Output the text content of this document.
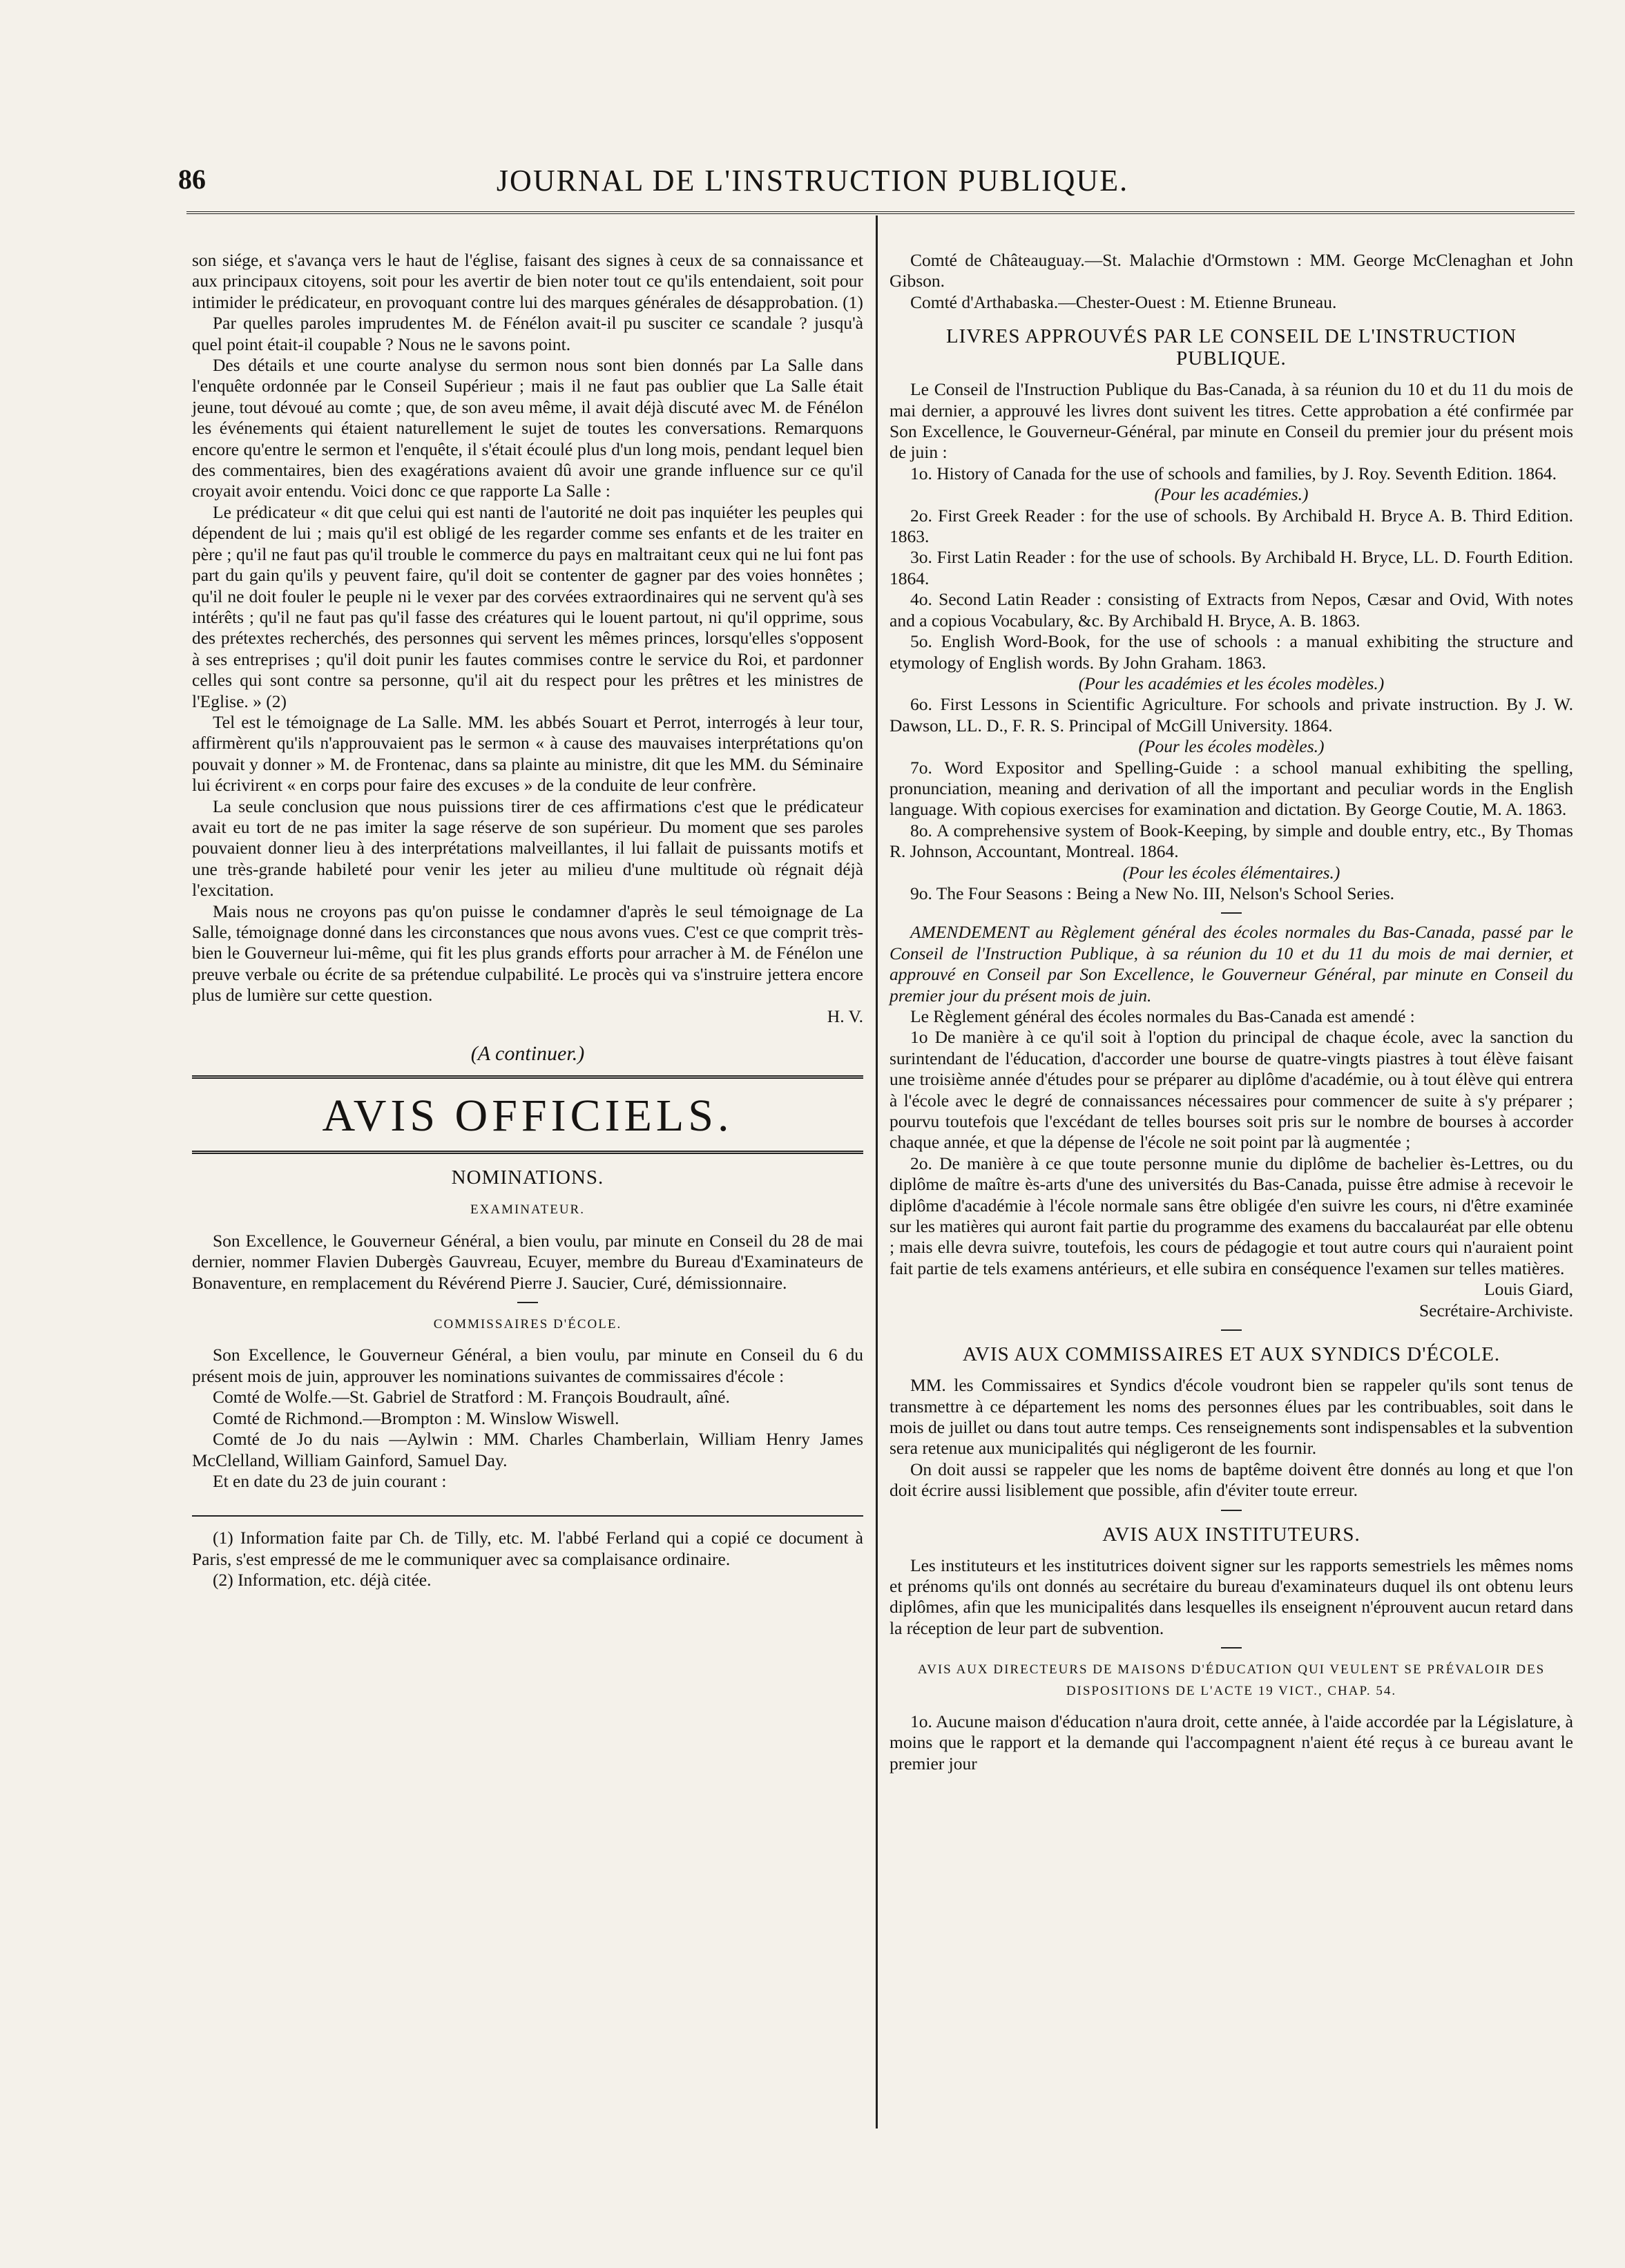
86	JOURNAL DE L'INSTRUCTION PUBLIQUE.

son siége, et s'avança vers le haut de l'église, faisant des signes à ceux de sa connaissance et aux principaux citoyens, soit pour les avertir de bien noter tout ce qu'ils entendaient, soit pour intimider le prédicateur, en provoquant contre lui des marques générales de désapprobation. (1)

Par quelles paroles imprudentes M. de Fénélon avait-il pu susciter ce scandale ? jusqu'à quel point était-il coupable ? Nous ne le savons point.

Des détails et une courte analyse du sermon nous sont bien donnés par La Salle dans l'enquête ordonnée par le Conseil Supérieur ; mais il ne faut pas oublier que La Salle était jeune, tout dévoué au comte ; que, de son aveu même, il avait déjà discuté avec M. de Fénélon les événements qui étaient naturellement le sujet de toutes les conversations. Remarquons encore qu'entre le sermon et l'enquête, il s'était écoulé plus d'un long mois, pendant lequel bien des commentaires, bien des exagérations avaient dû avoir une grande influence sur ce qu'il croyait avoir entendu. Voici donc ce que rapporte La Salle :

Le prédicateur « dit que celui qui est nanti de l'autorité ne doit pas inquiéter les peuples qui dépendent de lui ; mais qu'il est obligé de les regarder comme ses enfants et de les traiter en père ; qu'il ne faut pas qu'il trouble le commerce du pays en maltraitant ceux qui ne lui font pas part du gain qu'ils y peuvent faire, qu'il doit se contenter de gagner par des voies honnêtes ; qu'il ne doit fouler le peuple ni le vexer par des corvées extraordinaires qui ne servent qu'à ses intérêts ; qu'il ne faut pas qu'il fasse des créatures qui le louent partout, ni qu'il opprime, sous des prétextes recherchés, des personnes qui servent les mêmes princes, lorsqu'elles s'opposent à ses entreprises ; qu'il doit punir les fautes commises contre le service du Roi, et pardonner celles qui sont contre sa personne, qu'il ait du respect pour les prêtres et les ministres de l'Eglise. » (2)

Tel est le témoignage de La Salle. MM. les abbés Souart et Perrot, interrogés à leur tour, affirmèrent qu'ils n'approuvaient pas le sermon « à cause des mauvaises interprétations qu'on pouvait y donner » M. de Frontenac, dans sa plainte au ministre, dit que les MM. du Séminaire lui écrivirent « en corps pour faire des excuses » de la conduite de leur confrère.

La seule conclusion que nous puissions tirer de ces affirmations c'est que le prédicateur avait eu tort de ne pas imiter la sage réserve de son supérieur. Du moment que ses paroles pouvaient donner lieu à des interprétations malveillantes, il lui fallait de puissants motifs et une très-grande habileté pour venir les jeter au milieu d'une multitude où régnait déjà l'excitation.

Mais nous ne croyons pas qu'on puisse le condamner d'après le seul témoignage de La Salle, témoignage donné dans les circonstances que nous avons vues. C'est ce que comprit très-bien le Gouverneur lui-même, qui fit les plus grands efforts pour arracher à M. de Fénélon une preuve verbale ou écrite de sa prétendue culpabilité. Le procès qui va s'instruire jettera encore plus de lumière sur cette question.

H. V.

(A continuer.)
AVIS OFFICIELS.
NOMINATIONS.
EXAMINATEUR.

Son Excellence, le Gouverneur Général, a bien voulu, par minute en Conseil du 28 de mai dernier, nommer Flavien Dubergès Gauvreau, Ecuyer, membre du Bureau d'Examinateurs de Bonaventure, en remplacement du Révérend Pierre J. Saucier, Curé, démissionnaire.

COMMISSAIRES D'ÉCOLE.

Son Excellence, le Gouverneur Général, a bien voulu, par minute en Conseil du 6 du présent mois de juin, approuver les nominations suivantes de commissaires d'école :

Comté de Wolfe.—St. Gabriel de Stratford : M. François Boudrault, aîné.

Comté de Richmond.—Brompton : M. Winslow Wiswell.

Comté de Jo du nais —Aylwin : MM. Charles Chamberlain, William Henry James McClelland, William Gainford, Samuel Day.

Et en date du 23 de juin courant :

(1) Information faite par Ch. de Tilly, etc. M. l'abbé Ferland qui a copié ce document à Paris, s'est empressé de me le communiquer avec sa complaisance ordinaire.

(2) Information, etc. déjà citée.

Comté de Châteauguay.—St. Malachie d'Ormstown : MM. George McClenaghan et John Gibson.

Comté d'Arthabaska.—Chester-Ouest : M. Etienne Bruneau.

LIVRES APPROUVÉS PAR LE CONSEIL DE L'INSTRUCTION PUBLIQUE.

Le Conseil de l'Instruction Publique du Bas-Canada, à sa réunion du 10 et du 11 du mois de mai dernier, a approuvé les livres dont suivent les titres. Cette approbation a été confirmée par Son Excellence, le Gouverneur-Général, par minute en Conseil du premier jour du présent mois de juin :

1o. History of Canada for the use of schools and families, by J. Roy. Seventh Edition. 1864.

(Pour les académies.)

2o. First Greek Reader : for the use of schools. By Archibald H. Bryce A. B. Third Edition. 1863.

3o. First Latin Reader : for the use of schools. By Archibald H. Bryce, LL. D. Fourth Edition. 1864.

4o. Second Latin Reader : consisting of Extracts from Nepos, Cæsar and Ovid, With notes and a copious Vocabulary, &c. By Archibald H. Bryce, A. B. 1863.

5o. English Word-Book, for the use of schools : a manual exhibiting the structure and etymology of English words. By John Graham. 1863.

(Pour les académies et les écoles modèles.)

6o. First Lessons in Scientific Agriculture. For schools and private instruction. By J. W. Dawson, LL. D., F. R. S. Principal of McGill University. 1864.

(Pour les écoles modèles.)

7o. Word Expositor and Spelling-Guide : a school manual exhibiting the spelling, pronunciation, meaning and derivation of all the important and peculiar words in the English language. With copious exercises for examination and dictation. By George Coutie, M. A. 1863.

8o. A comprehensive system of Book-Keeping, by simple and double entry, etc., By Thomas R. Johnson, Accountant, Montreal. 1864.

(Pour les écoles élémentaires.)

9o. The Four Seasons : Being a New No. III, Nelson's School Series.

AMENDEMENT au Règlement général des écoles normales du Bas-Canada, passé par le Conseil de l'Instruction Publique, à sa réunion du 10 et du 11 du mois de mai dernier, et approuvé en Conseil par Son Excellence, le Gouverneur Général, par minute en Conseil du premier jour du présent mois de juin.

Le Règlement général des écoles normales du Bas-Canada est amendé :

1o De manière à ce qu'il soit à l'option du principal de chaque école, avec la sanction du surintendant de l'éducation, d'accorder une bourse de quatre-vingts piastres à tout élève faisant une troisième année d'études pour se préparer au diplôme d'académie, ou à tout élève qui entrera à l'école avec le degré de connaissances nécessaires pour commencer de suite à s'y préparer ; pourvu toutefois que l'excédant de telles bourses soit pris sur le nombre de bourses à accorder chaque année, et que la dépense de l'école ne soit point par là augmentée ;

2o. De manière à ce que toute personne munie du diplôme de bachelier ès-Lettres, ou du diplôme de maître ès-arts d'une des universités du Bas-Canada, puisse être admise à recevoir le diplôme d'académie à l'école normale sans être obligée d'en suivre les cours, ni d'être examinée sur les matières qui auront fait partie du programme des examens du baccalauréat par elle obtenu ; mais elle devra suivre, toutefois, les cours de pédagogie et tout autre cours qui n'auraient point fait partie de tels examens antérieurs, et elle subira en conséquence l'examen sur telles matières.

Louis Giard,

Secrétaire-Archiviste.

AVIS AUX COMMISSAIRES ET AUX SYNDICS D'ÉCOLE.

MM. les Commissaires et Syndics d'école voudront bien se rappeler qu'ils sont tenus de transmettre à ce département les noms des personnes élues par les contribuables, soit dans le mois de juillet ou dans tout autre temps. Ces renseignements sont indispensables et la subvention sera retenue aux municipalités qui négligeront de les fournir.

On doit aussi se rappeler que les noms de baptême doivent être donnés au long et que l'on doit écrire aussi lisiblement que possible, afin d'éviter toute erreur.

AVIS AUX INSTITUTEURS.

Les instituteurs et les institutrices doivent signer sur les rapports semestriels les mêmes noms et prénoms qu'ils ont donnés au secrétaire du bureau d'examinateurs duquel ils ont obtenu leurs diplômes, afin que les municipalités dans lesquelles ils enseignent n'éprouvent aucun retard dans la réception de leur part de subvention.

AVIS AUX DIRECTEURS DE MAISONS D'ÉDUCATION QUI VEULENT SE PRÉVALOIR DES DISPOSITIONS DE L'ACTE 19 VICT., CHAP. 54.

1o. Aucune maison d'éducation n'aura droit, cette année, à l'aide accordée par la Législature, à moins que le rapport et la demande qui l'accompagnent n'aient été reçus à ce bureau avant le premier jour
